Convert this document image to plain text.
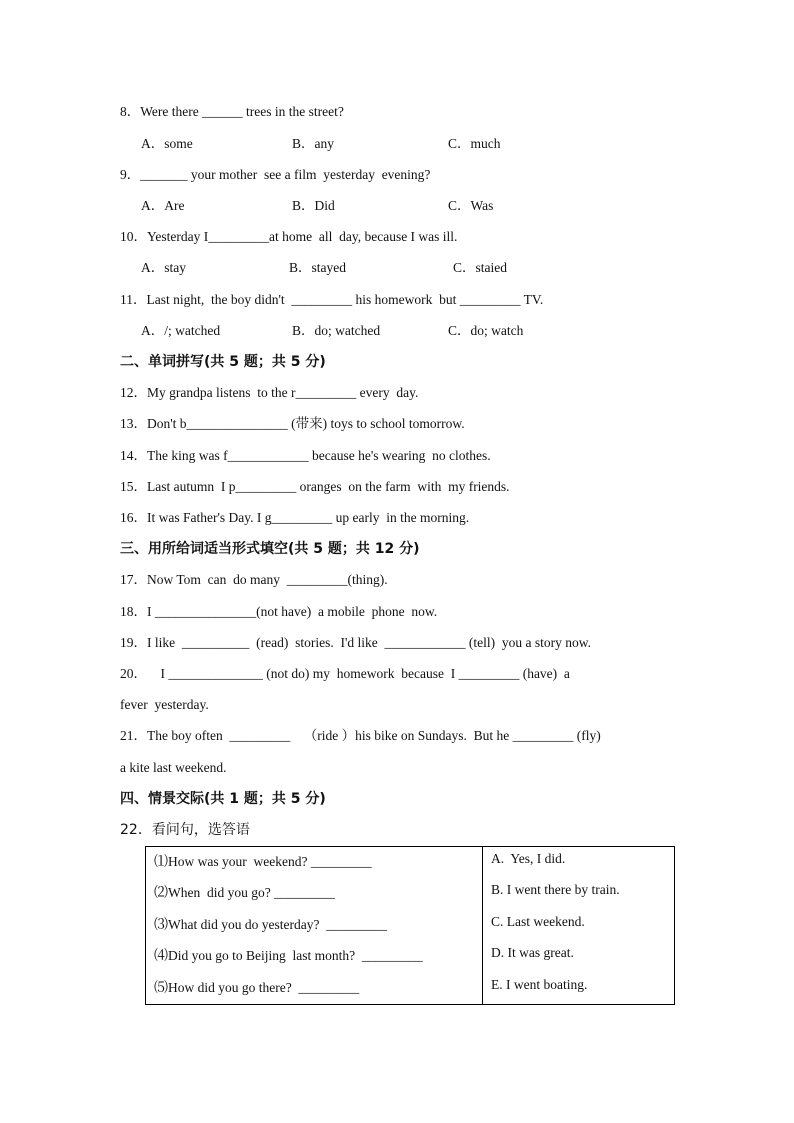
8．Were there ______ trees in the street?
A．some	B．any	C．much
9．_______ your mother  see a film  yesterday  evening?
A．Are	B．Did	C．Was
10．Yesterday I_________at home  all  day, because I was ill.
A．stay	B．stayed	C．staied
11．Last night,  the boy didn't  _________ his homework  but _________ TV.
A．/; watched	B．do; watched	C．do; watch
二、单词拼写(共 5 题；共 5 分)
12．My grandpa listens  to the r_________ every  day.
13．Don't b_______________ (带来) toys to school tomorrow.
14．The king was f____________ because he's wearing  no clothes.
15．Last autumn  I p_________ oranges  on the farm  with  my friends.
16．It was Father's Day. I g_________ up early  in the morning.
三、用所给词适当形式填空(共 5 题；共 12 分)
17．Now Tom  can  do many  _________(thing).
18．I _______________(not have)  a mobile  phone  now.
19．I like  __________  (read)  stories.  I'd like  ____________ (tell)  you a story now.
20．    I ______________ (not do) my  homework  because  I _________ (have)  a
fever  yesterday.
21．The boy often  _________    （ride ）his bike on Sundays.  But he _________ (fly)
a kite last weekend.
四、情景交际(共 1 题；共 5 分)
22．看问句，选答语
⑴How was your  weekend? _________	A.  Yes, I did.
⑵When  did you go? _________	B. I went there by train.
⑶What did you do yesterday?  _________	C. Last weekend.
⑷Did you go to Beijing  last month?  _________	D. It was great.
⑸How did you go there?  _________	E. I went boating.
